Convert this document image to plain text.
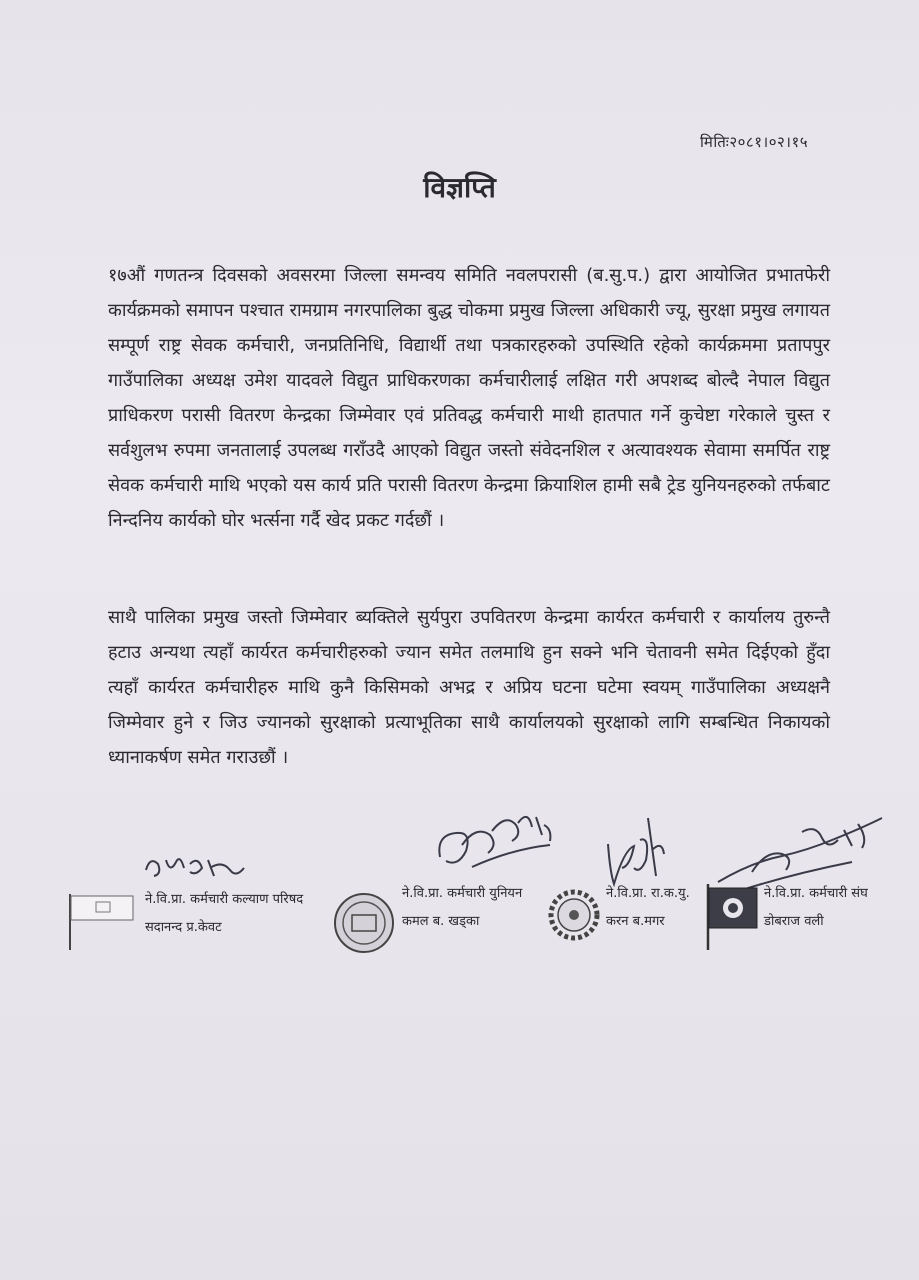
मितिः२०८१।०२।१५
विज्ञप्ति

१७औं गणतन्त्र दिवसको अवसरमा जिल्ला समन्वय समिति नवलपरासी (ब.सु.प.) द्वारा आयोजित प्रभातफेरी कार्यक्रमको समापन पश्चात रामग्राम नगरपालिका बुद्ध चोकमा प्रमुख जिल्ला अधिकारी ज्यू, सुरक्षा प्रमुख लगायत सम्पूर्ण राष्ट्र सेवक कर्मचारी, जनप्रतिनिधि, विद्यार्थी तथा पत्रकारहरुको उपस्थिति रहेको कार्यक्रममा प्रतापपुर गाउँपालिका अध्यक्ष उमेश यादवले विद्युत प्राधिकरणका कर्मचारीलाई लक्षित गरी अपशब्द बोल्दै नेपाल विद्युत प्राधिकरण परासी वितरण केन्द्रका जिम्मेवार एवं प्रतिवद्ध कर्मचारी माथी हातपात गर्ने कुचेष्टा गरेकाले चुस्त र सर्वशुलभ रुपमा जनतालाई उपलब्ध गराँउदै आएको विद्युत जस्तो संवेदनशिल र अत्यावश्यक सेवामा समर्पित राष्ट्र सेवक कर्मचारी माथि भएको यस कार्य प्रति परासी वितरण केन्द्रमा क्रियाशिल हामी सबै ट्रेड युनियनहरुको तर्फबाट निन्दनिय कार्यको घोर भर्त्सना गर्दै खेद प्रकट गर्दछौं ।

साथै पालिका प्रमुख जस्तो जिम्मेवार ब्यक्तिले सुर्यपुरा उपवितरण केन्द्रमा कार्यरत कर्मचारी र कार्यालय तुरुन्तै हटाउ अन्यथा त्यहाँ कार्यरत कर्मचारीहरुको ज्यान समेत तलमाथि हुन सक्ने भनि चेतावनी समेत दिईएको हुँदा त्यहाँ कार्यरत कर्मचारीहरु माथि कुनै किसिमको अभद्र र अप्रिय घटना घटेमा स्वयम् गाउँपालिका अध्यक्षनै जिम्मेवार हुने र जिउ ज्यानको सुरक्षाको प्रत्याभूतिका साथै कार्यालयको सुरक्षाको लागि सम्बन्धित निकायको ध्यानाकर्षण समेत गराउछौं ।

ने.वि.प्रा. कर्मचारी कल्याण परिषद
सदानन्द प्र.केवट
ने.वि.प्रा. कर्मचारी युनियन
कमल ब. खड्का
ने.वि.प्रा. रा.क.यु.
करन ब.मगर
ने.वि.प्रा. कर्मचारी संघ
डोबराज वली
